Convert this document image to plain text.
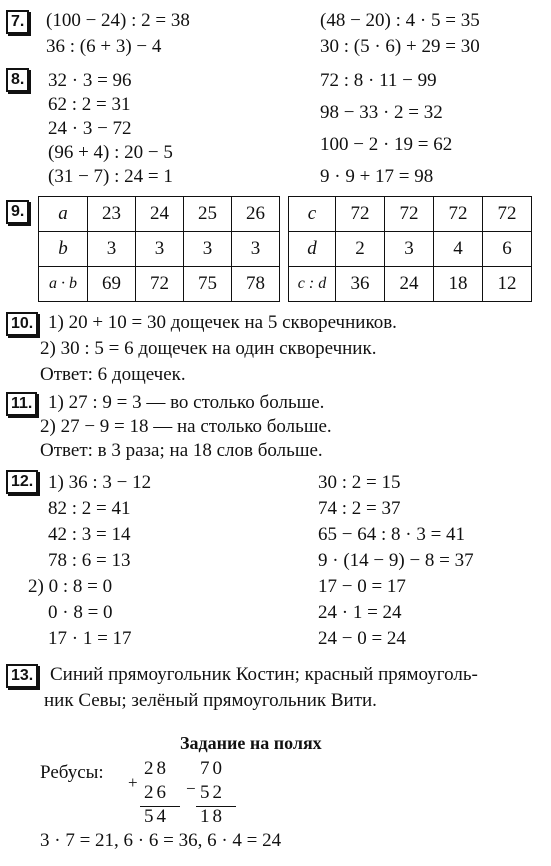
7. (100 − 24) : 2 = 38
36 : (6 + 3) − 4
(48 − 20) : 4 · 5 = 35
30 : (5 · 6) + 29 = 30
8. 32 · 3 = 96
62 : 2 = 31
24 · 3 − 72
(96 + 4) : 20 − 5
(31 − 7) : 24 = 1
72 : 8 · 11 − 99
98 − 33 · 2 = 32
100 − 2 · 19 = 62
9 · 9 + 17 = 98
9. a	23	24	25	26
b	3	3	3	3
a · b	69	72	75	78
c	72	72	72	72
d	2	3	4	6
c : d	36	24	18	12
10. 1) 20 + 10 = 30 дощечек на 5 скворечников.
2) 30 : 5 = 6 дощечек на один скворечник.
Ответ: 6 дощечек.
11. 1) 27 : 9 = 3 — во столько больше.
2) 27 − 9 = 18 — на столько больше.
Ответ: в 3 раза; на 18 слов больше.
12. 1) 36 : 3 − 12
82 : 2 = 41
42 : 3 = 14
78 : 6 = 13
2) 0 : 8 = 0
0 · 8 = 0
17 · 1 = 17
30 : 2 = 15
74 : 2 = 37
65 − 64 : 8 · 3 = 41
9 · (14 − 9) − 8 = 37
17 − 0 = 17
24 · 1 = 24
24 − 0 = 24
13. Синий прямоугольник Костин; красный прямоуголь-
ник Севы; зелёный прямоугольник Вити.
Задание на полях
Ребусы: 28
+ 26
54
70
− 52
18
3 · 7 = 21, 6 · 6 = 36, 6 · 4 = 24
